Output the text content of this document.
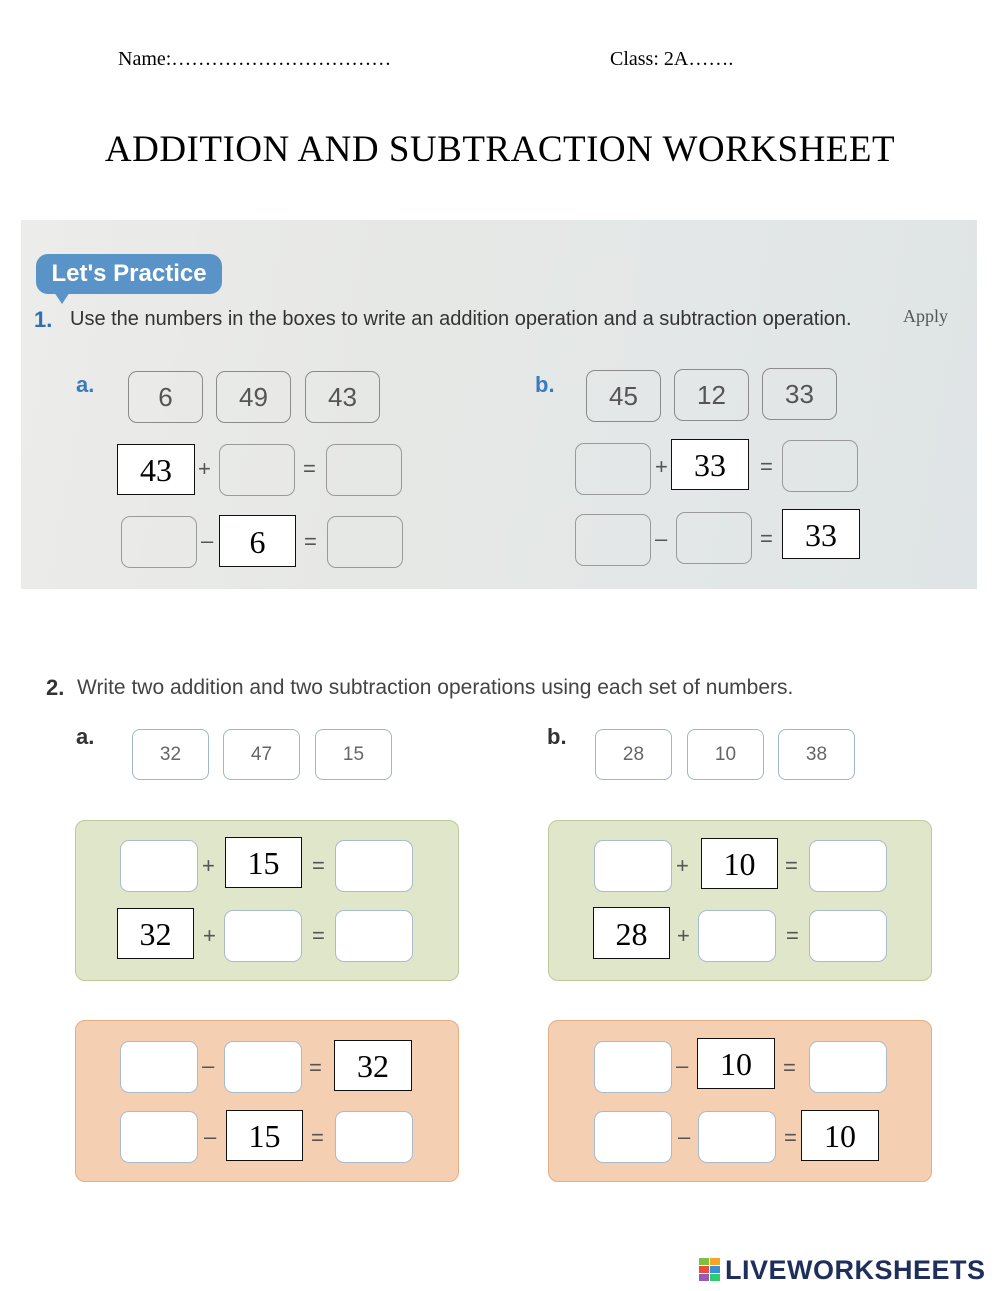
Name:……………………………	Class: 2A…….
ADDITION AND SUBTRACTION WORKSHEET
Let's Practice
1. Use the numbers in the boxes to write an addition operation and a subtraction operation.	Apply
a.	6	49	43
43	+	=
–	6	=
b.	45	12	33
+ 33	=
–	=	33
2. Write two addition and two subtraction operations using each set of numbers.
a.
32	47	15
b.
28	10	38
+	15	=
32	+	=
+	10	=
28	+	=
–	=	32
–	15	=
– 10	=
–	= 10
LIVEWORKSHEETS
